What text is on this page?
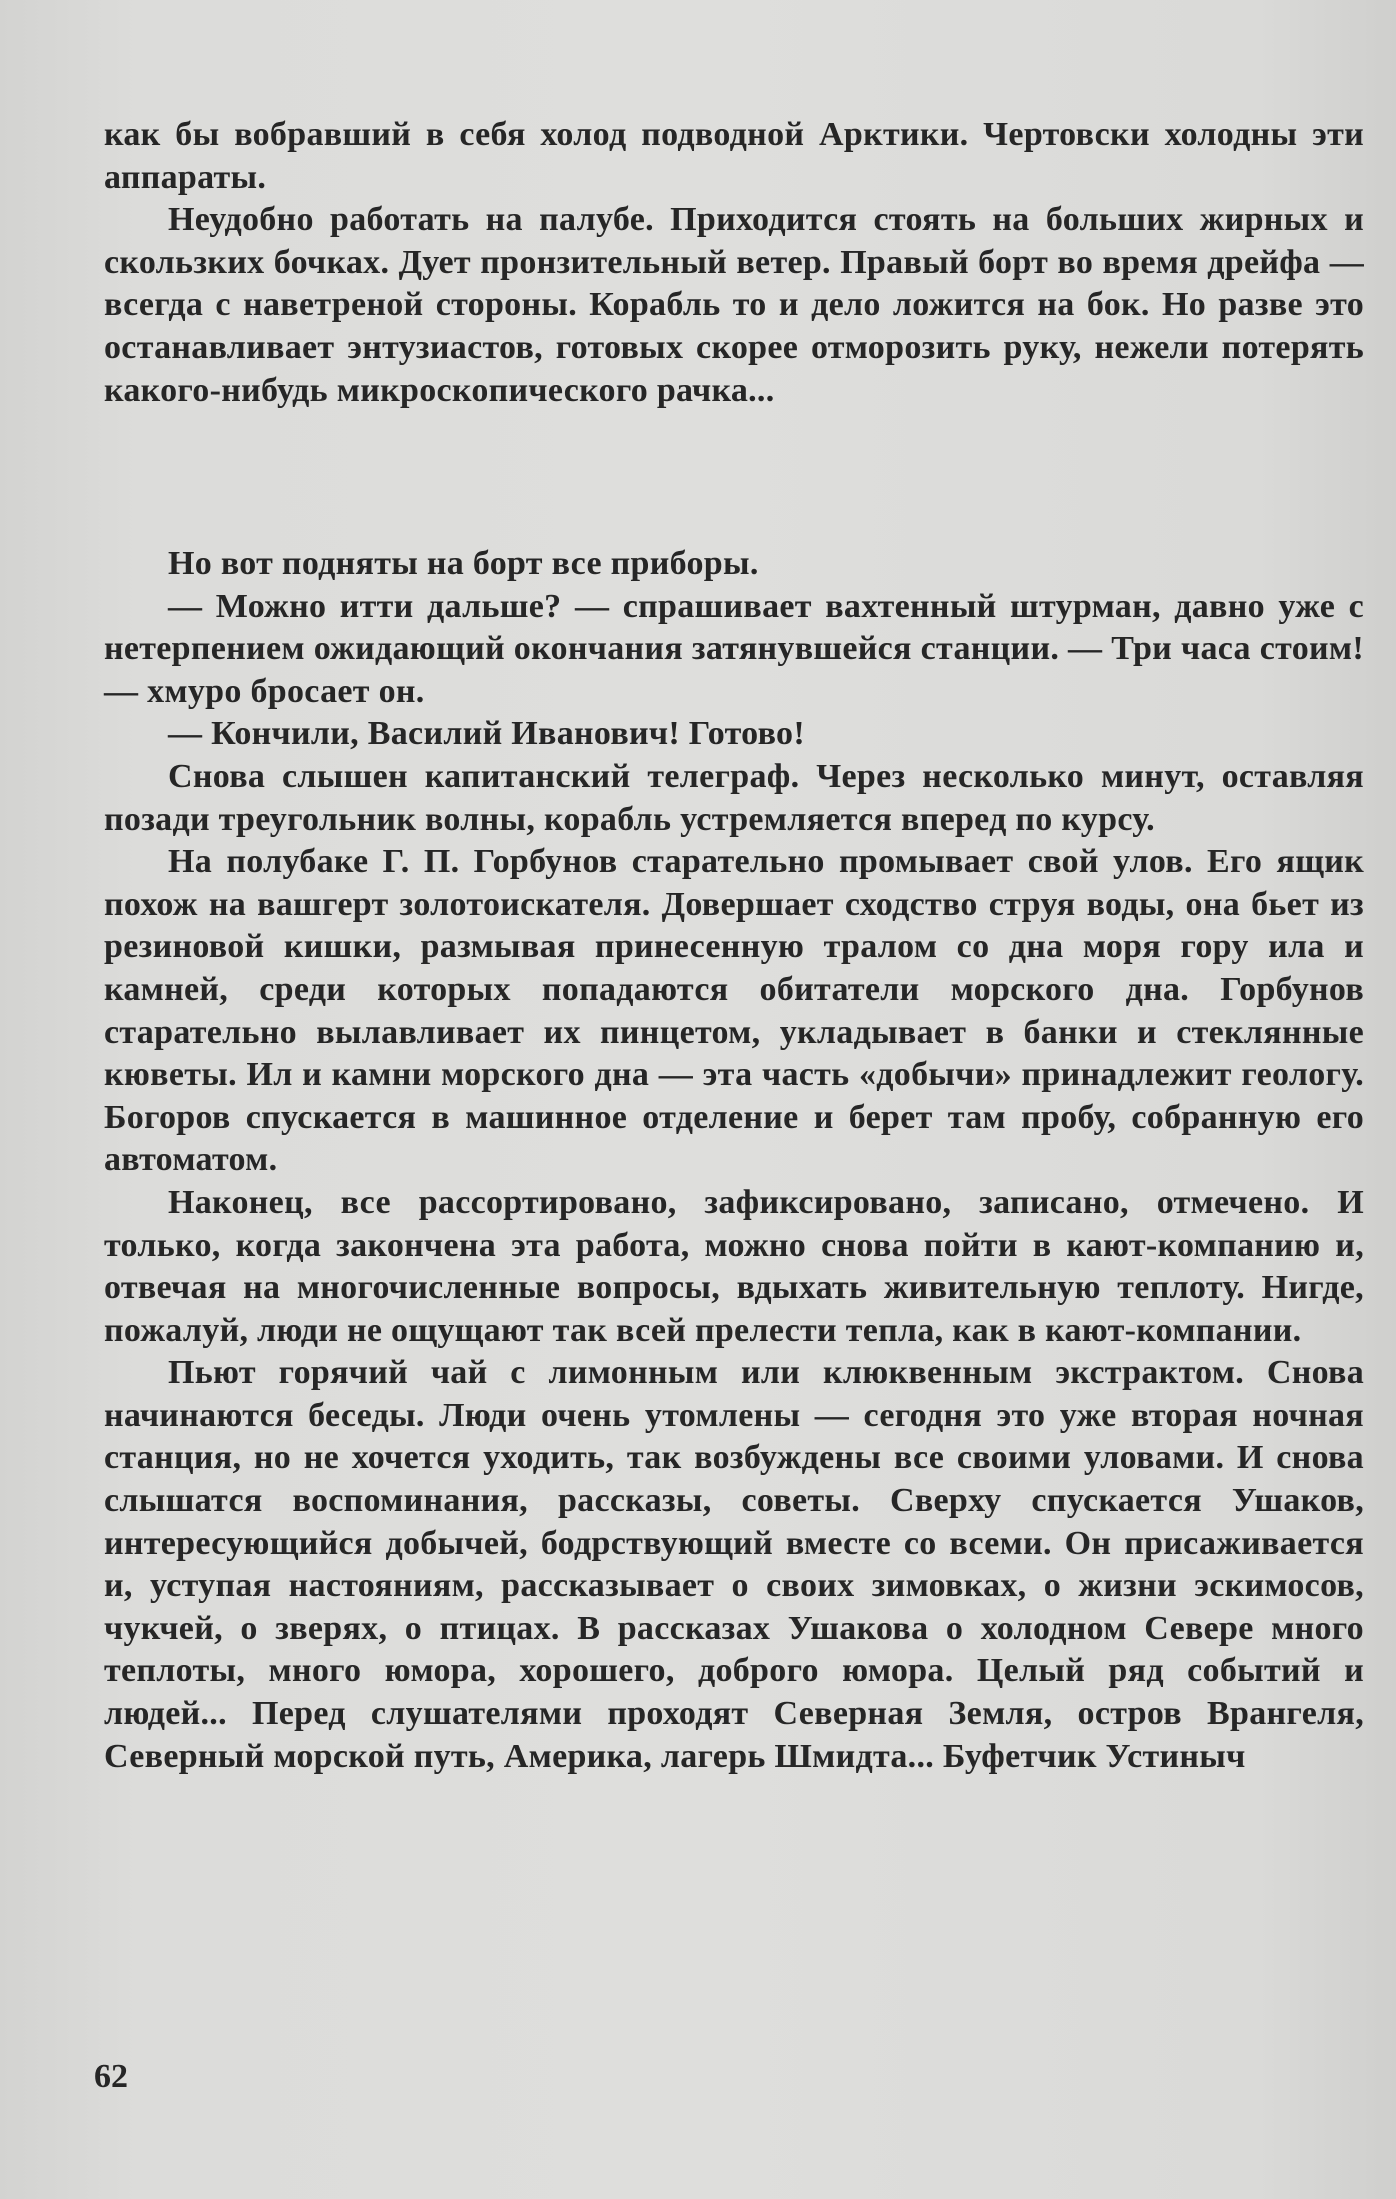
как бы вобравший в себя холод подводной Арктики. Чертовски холодны эти аппараты.

Неудобно работать на палубе. Приходится стоять на больших жирных и скользких бочках. Дует пронзительный ветер. Правый борт во время дрейфа — всегда с наветреной стороны. Корабль то и дело ложится на бок. Но разве это останавливает энтузиастов, готовых скорее отморозить руку, нежели потерять какого-нибудь микроскопического рачка...

Но вот подняты на борт все приборы.

— Можно итти дальше? — спрашивает вахтенный штурман, давно уже с нетерпением ожидающий окончания затянувшейся станции. — Три часа стоим! — хмуро бросает он.

— Кончили, Василий Иванович! Готово!

Снова слышен капитанский телеграф. Через несколько минут, оставляя позади треугольник волны, корабль устремляется вперед по курсу.

На полубаке Г. П. Горбунов старательно промывает свой улов. Его ящик похож на вашгерт золотоискателя. Довершает сходство струя воды, она бьет из резиновой кишки, размывая принесенную тралом со дна моря гору ила и камней, среди которых попадаются обитатели морского дна. Горбунов старательно вылавливает их пинцетом, укладывает в банки и стеклянные кюветы. Ил и камни морского дна — эта часть «добычи» принадлежит геологу. Богоров спускается в машинное отделение и берет там пробу, собранную его автоматом.

Наконец, все рассортировано, зафиксировано, записано, отмечено. И только, когда закончена эта работа, можно снова пойти в кают-компанию и, отвечая на многочисленные вопросы, вдыхать живительную теплоту. Нигде, пожалуй, люди не ощущают так всей прелести тепла, как в кают-компании.

Пьют горячий чай с лимонным или клюквенным экстрактом. Снова начинаются беседы. Люди очень утомлены — сегодня это уже вторая ночная станция, но не хочется уходить, так возбуждены все своими уловами. И снова слышатся воспоминания, рассказы, советы. Сверху спускается Ушаков, интересующийся добычей, бодрствующий вместе со всеми. Он присаживается и, уступая настояниям, рассказывает о своих зимовках, о жизни эскимосов, чукчей, о зверях, о птицах. В рассказах Ушакова о холодном Севере много теплоты, много юмора, хорошего, доброго юмора. Целый ряд событий и людей... Перед слушателями проходят Северная Земля, остров Врангеля, Северный морской путь, Америка, лагерь Шмидта... Буфетчик Устиныч

62
